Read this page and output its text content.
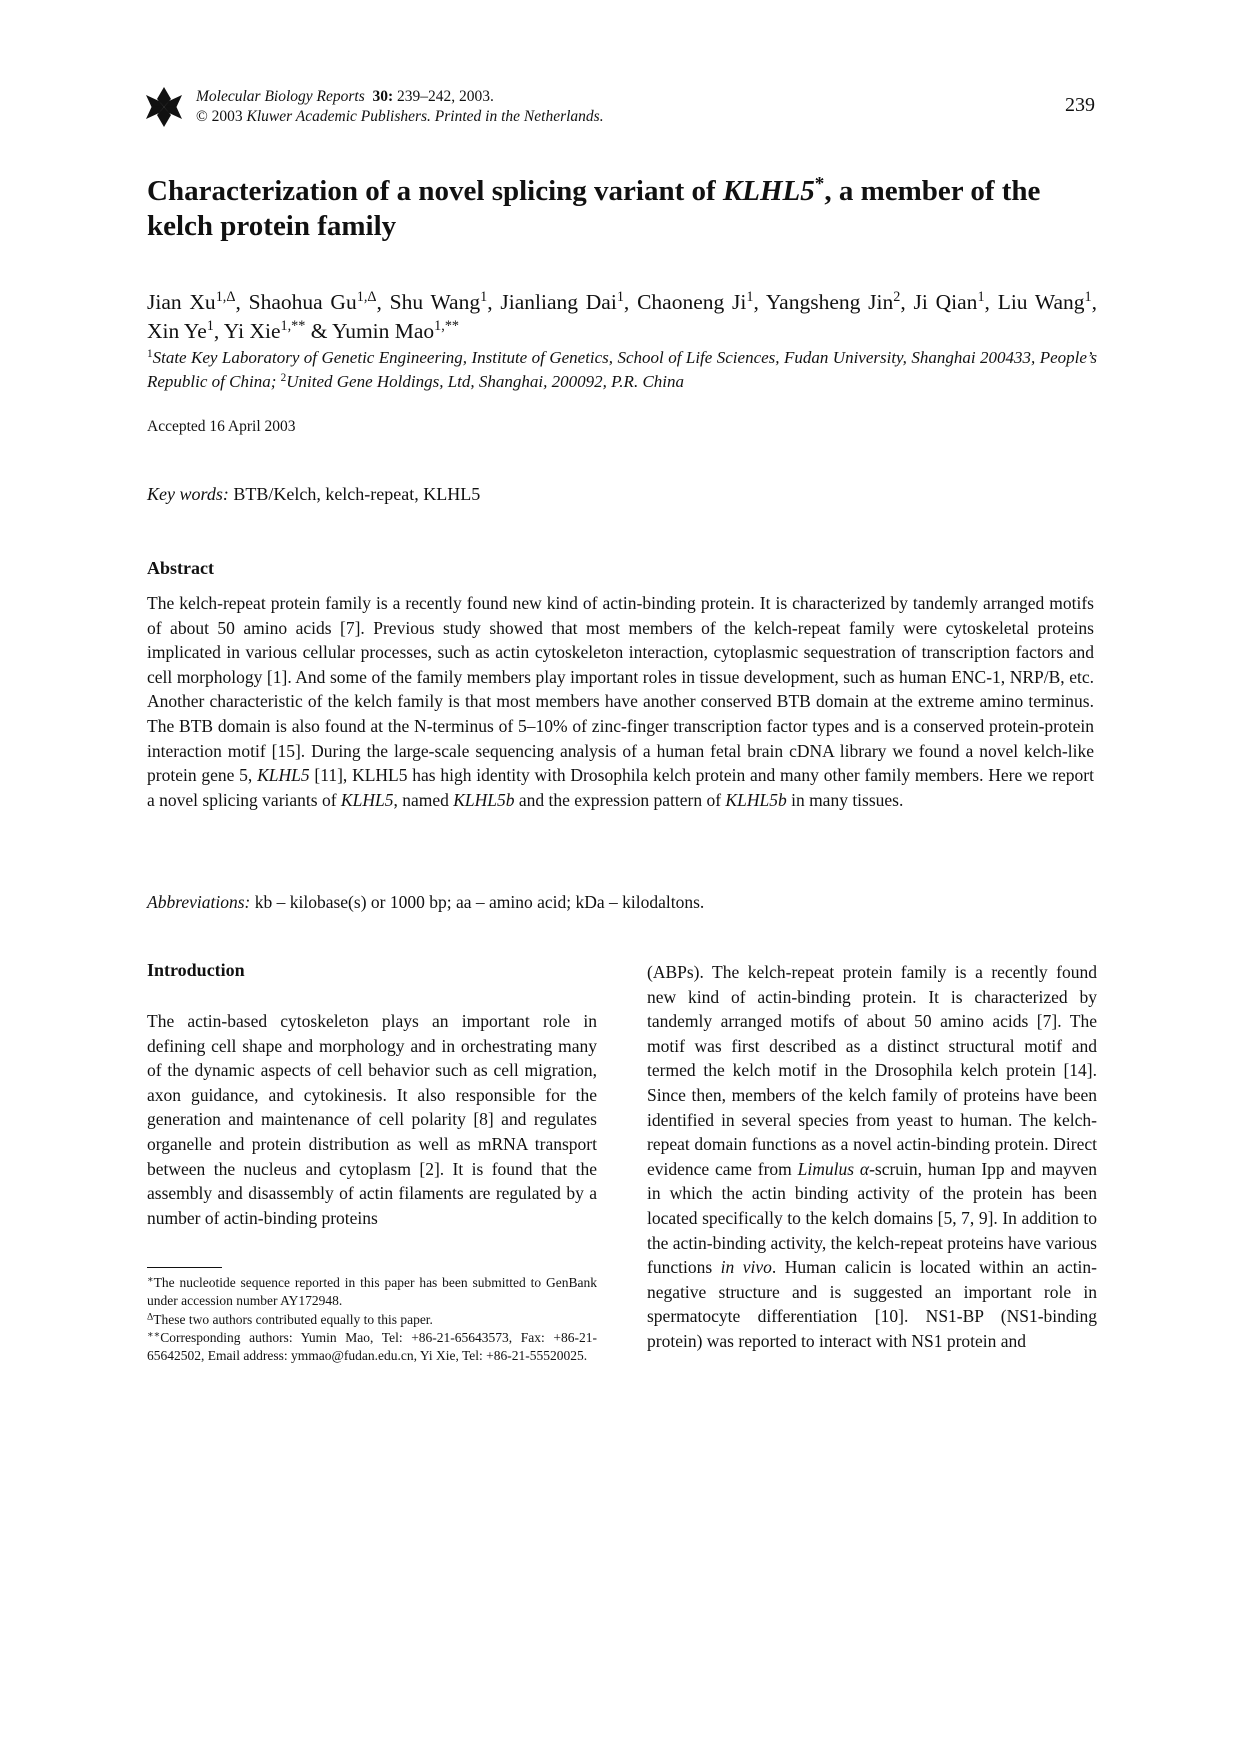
Molecular Biology Reports 30: 239–242, 2003.
© 2003 Kluwer Academic Publishers. Printed in the Netherlands.
239
Characterization of a novel splicing variant of KLHL5*, a member of the kelch protein family
Jian $Xu^{1,\Delta}$, Shaohua $Gu^{1,\Delta}$, Shu Wang$^1$, Jianliang Dai$^1$, Chaoneng Ji$^1$, Yangsheng Jin$^2$, Ji Qian$^1$, Liu Wang$^1$, Xin Ye$^1$, Yi Xie$^{1,**}$ & Yumin Mao$^{1,**}$
$^1$State Key Laboratory of Genetic Engineering, Institute of Genetics, School of Life Sciences, Fudan University, Shanghai 200433, People’s Republic of China; $^2$United Gene Holdings, Ltd, Shanghai, 200092, P.R. China
Accepted 16 April 2003
Key words: BTB/Kelch, kelch-repeat, KLHL5
Abstract
The kelch-repeat protein family is a recently found new kind of actin-binding protein. It is characterized by tandemly arranged motifs of about 50 amino acids [7]. Previous study showed that most members of the kelch-repeat family were cytoskeletal proteins implicated in various cellular processes, such as actin cytoskeleton interaction, cytoplasmic sequestration of transcription factors and cell morphology [1]. And some of the family members play important roles in tissue development, such as human ENC-1, NRP/B, etc. Another characteristic of the kelch family is that most members have another conserved BTB domain at the extreme amino terminus. The BTB domain is also found at the N-terminus of 5–10% of zinc-finger transcription factor types and is a conserved protein-protein interaction motif [15]. During the large-scale sequencing analysis of a human fetal brain cDNA library we found a novel kelch-like protein gene 5, KLHL5 [11], KLHL5 has high identity with Drosophila kelch protein and many other family members. Here we report a novel splicing variants of KLHL5, named KLHL5b and the expression pattern of KLHL5b in many tissues.
Abbreviations: kb – kilobase(s) or 1000 bp; aa – amino acid; kDa – kilodaltons.
Introduction
The actin-based cytoskeleton plays an important role in defining cell shape and morphology and in orchestrating many of the dynamic aspects of cell behavior such as cell migration, axon guidance, and cytokinesis. It also responsible for the generation and maintenance of cell polarity [8] and regulates organelle and protein distribution as well as mRNA transport between the nucleus and cytoplasm [2]. It is found that the assembly and disassembly of actin filaments are regulated by a number of actin-binding proteins

∗The nucleotide sequence reported in this paper has been submitted to GenBank under accession number AY172948.

$^\Delta$These two authors contributed equally to this paper.

∗∗Corresponding authors: Yumin Mao, Tel: +86-21-65643573, Fax: +86-21-65642502, Email address: ymmao@fudan.edu.cn, Yi Xie, Tel: +86-21-55520025.

(ABPs). The kelch-repeat protein family is a recently found new kind of actin-binding protein. It is characterized by tandemly arranged motifs of about 50 amino acids [7]. The motif was first described as a distinct structural motif and termed the kelch motif in the Drosophila kelch protein [14]. Since then, members of the kelch family of proteins have been identified in several species from yeast to human. The kelch-repeat domain functions as a novel actin-binding protein. Direct evidence came from Limulus α-scruin, human Ipp and mayven in which the actin binding activity of the protein has been located specifically to the kelch domains [5, 7, 9]. In addition to the actin-binding activity, the kelch-repeat proteins have various functions in vivo. Human calicin is located within an actin-negative structure and is suggested an important role in spermatocyte differentiation [10]. NS1-BP (NS1-binding protein) was reported to interact with NS1 protein and
